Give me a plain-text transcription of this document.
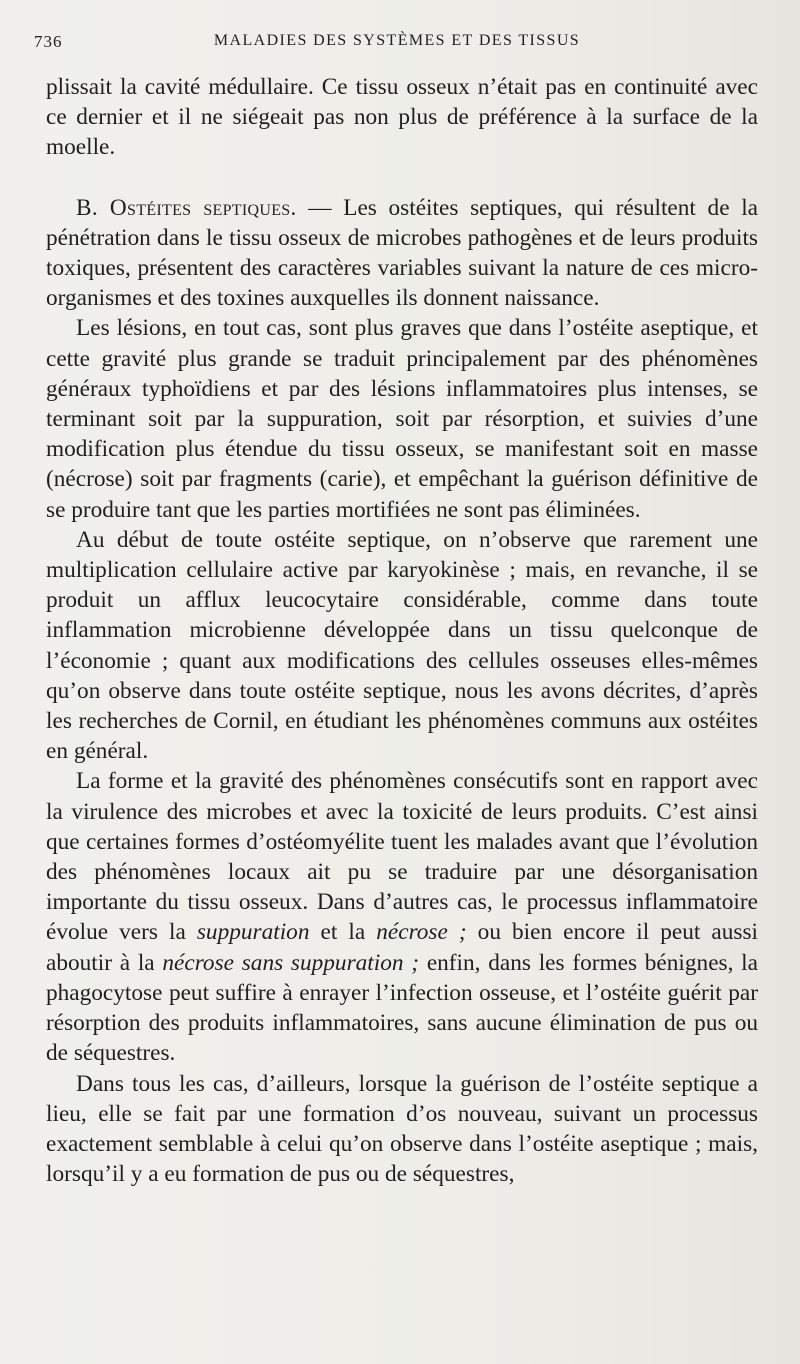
736	MALADIES DES SYSTÈMES ET DES TISSUS

plissait la cavité médullaire. Ce tissu osseux n’était pas en continuité avec ce dernier et il ne siégeait pas non plus de préférence à la surface de la moelle.

B. Ostéites septiques. — Les ostéites septiques, qui résultent de la pénétration dans le tissu osseux de microbes pathogènes et de leurs produits toxiques, présentent des caractères variables suivant la nature de ces micro-organismes et des toxines auxquelles ils donnent naissance.

Les lésions, en tout cas, sont plus graves que dans l’ostéite aseptique, et cette gravité plus grande se traduit principalement par des phénomènes généraux typhoïdiens et par des lésions inflammatoires plus intenses, se terminant soit par la suppuration, soit par résorption, et suivies d’une modification plus étendue du tissu osseux, se manifestant soit en masse (nécrose) soit par fragments (carie), et empêchant la guérison définitive de se produire tant que les parties mortifiées ne sont pas éliminées.

Au début de toute ostéite septique, on n’observe que rarement une multiplication cellulaire active par karyokinèse ; mais, en revanche, il se produit un afflux leucocytaire considérable, comme dans toute inflammation microbienne développée dans un tissu quelconque de l’économie ; quant aux modifications des cellules osseuses elles-mêmes qu’on observe dans toute ostéite septique, nous les avons décrites, d’après les recherches de Cornil, en étudiant les phénomènes communs aux ostéites en général.

La forme et la gravité des phénomènes consécutifs sont en rapport avec la virulence des microbes et avec la toxicité de leurs produits. C’est ainsi que certaines formes d’ostéomyélite tuent les malades avant que l’évolution des phénomènes locaux ait pu se traduire par une désorganisation importante du tissu osseux. Dans d’autres cas, le processus inflammatoire évolue vers la suppuration et la nécrose ; ou bien encore il peut aussi aboutir à la nécrose sans suppuration ; enfin, dans les formes bénignes, la phagocytose peut suffire à enrayer l’infection osseuse, et l’ostéite guérit par résorption des produits inflammatoires, sans aucune élimination de pus ou de séquestres.

Dans tous les cas, d’ailleurs, lorsque la guérison de l’ostéite septique a lieu, elle se fait par une formation d’os nouveau, suivant un processus exactement semblable à celui qu’on observe dans l’ostéite aseptique ; mais, lorsqu’il y a eu formation de pus ou de séquestres,
